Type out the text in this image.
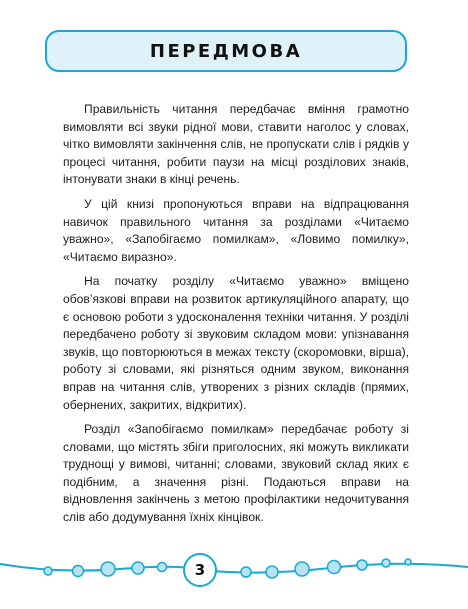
ПЕРЕДМОВА

Правильність читання передбачає вміння грамотно вимовляти всі звуки рідної мови, ставити наголос у словах, чітко вимовляти закінчення слів, не пропускати слів і рядків у процесі читання, робити паузи на місці розділових знаків, інтонувати знаки в кінці речень.

У цій книзі пропонуються вправи на відпрацювання навичок правильного читання за розділами «Читаємо уважно», «Запобігаємо помилкам», «Ловимо помилку», «Читаємо виразно».

На початку розділу «Читаємо уважно» вміщено обов’язкові вправи на розвиток артикуляційного апарату, що є основою роботи з удосконалення техніки читання. У розділі передбачено роботу зі звуковим складом мови: упізнавання звуків, що повторюються в межах тексту (скоромовки, вірша), роботу зі словами, які різняться одним звуком, виконання вправ на читання слів, утворених з різних складів (прямих, обернених, закритих, відкритих).

Розділ «Запобігаємо помилкам» передбачає роботу зі словами, що містять збіги приголосних, які можуть викликати труднощі у вимові, читанні; словами, звуковий склад яких є подібним, а значення різні. Подаються вправи на відновлення закінчень з метою профілактики недочитування слів або додумування їхніх кінцівок.

3
